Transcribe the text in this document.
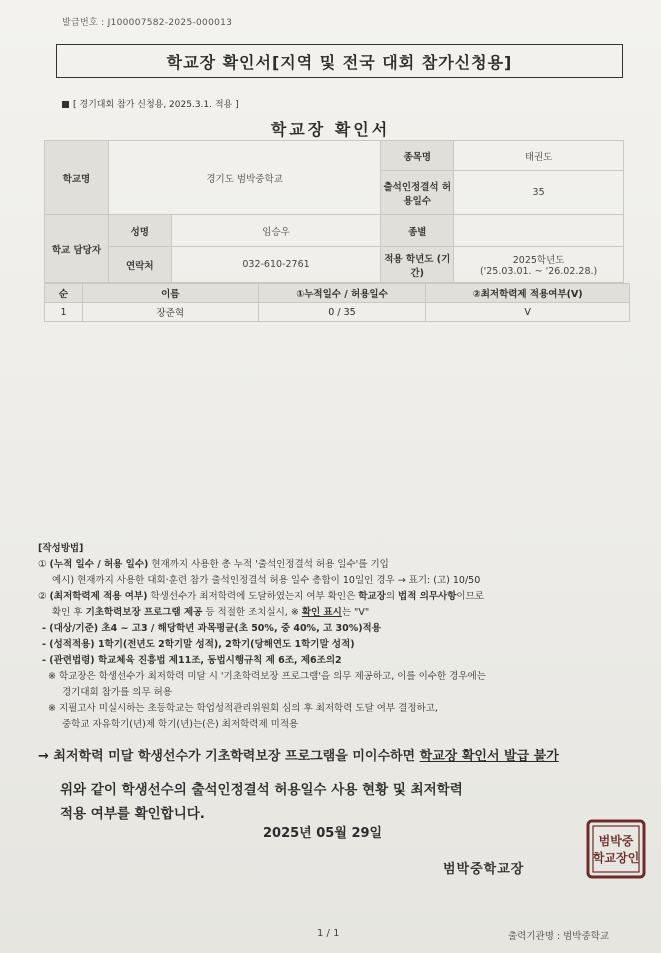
발급번호 : J100007582-2025-000013
학교장 확인서[지역 및 전국 대회 참가신청용]
[ 경기대회 참가 신청용, 2025.3.1. 적용 ]
학교장 확인서
학교명	경기도 범박중학교		종목명	태권도
			출석인정결석 허용일수	35
학교 담당자	성명	임승우	종별	
	연락처	032-610-2761	적용 학년도 (기간)	2025학년도
('25.03.01. ~ '26.02.28.)
순	이름	①누적일수 / 허용일수	②최저학력제 적용여부(V)
1	장준혁	0 / 35	V
[작성방법]
① (누적 일수 / 허용 일수) 현재까지 사용한 총 누적 '출석인정결석 허용 일수'를 기입
예시) 현재까지 사용한 대회·훈련 참가 출석인정결석 허용 일수 총합이 10일인 경우 → 표기: (고) 10/50
② (최저학력제 적용 여부) 학생선수가 최저학력에 도달하였는지 여부 확인은 학교장의 법적 의무사항이므로
확인 후 기초학력보장 프로그램 제공 등 적절한 조치실시, ※ 확인 표시는 "V"
- (대상/기준) 초4 ~ 고3 / 해당학년 과목평균(초 50%, 중 40%, 고 30%)적용
- (성적적용) 1학기(전년도 2학기말 성적), 2학기(당해연도 1학기말 성적)
- (관련법령) 학교체육 진흥법 제11조, 동법시행규칙 제 6조, 제6조의2
※ 학교장은 학생선수가 최저학력 미달 시 '기초학력보장 프로그램'을 의무 제공하고, 이를 이수한 경우에는
경기대회 참가를 의무 허용
※ 지필고사 미실시하는 초등학교는 학업성적관리위원회 심의 후 최저학력 도달 여부 결정하고,
중학교 자유학기(년)제 학기(년)는(은) 최저학력제 미적용
→ 최저학력 미달 학생선수가 기초학력보장 프로그램을 미이수하면 학교장 확인서 발급 불가
위와 같이 학생선수의 출석인정결석 허용일수 사용 현황 및 최저학력
적용 여부를 확인합니다.
2025년 05월 29일
범박중학교장
범박중
학교장인
1 / 1	출력기관명 : 범박중학교
